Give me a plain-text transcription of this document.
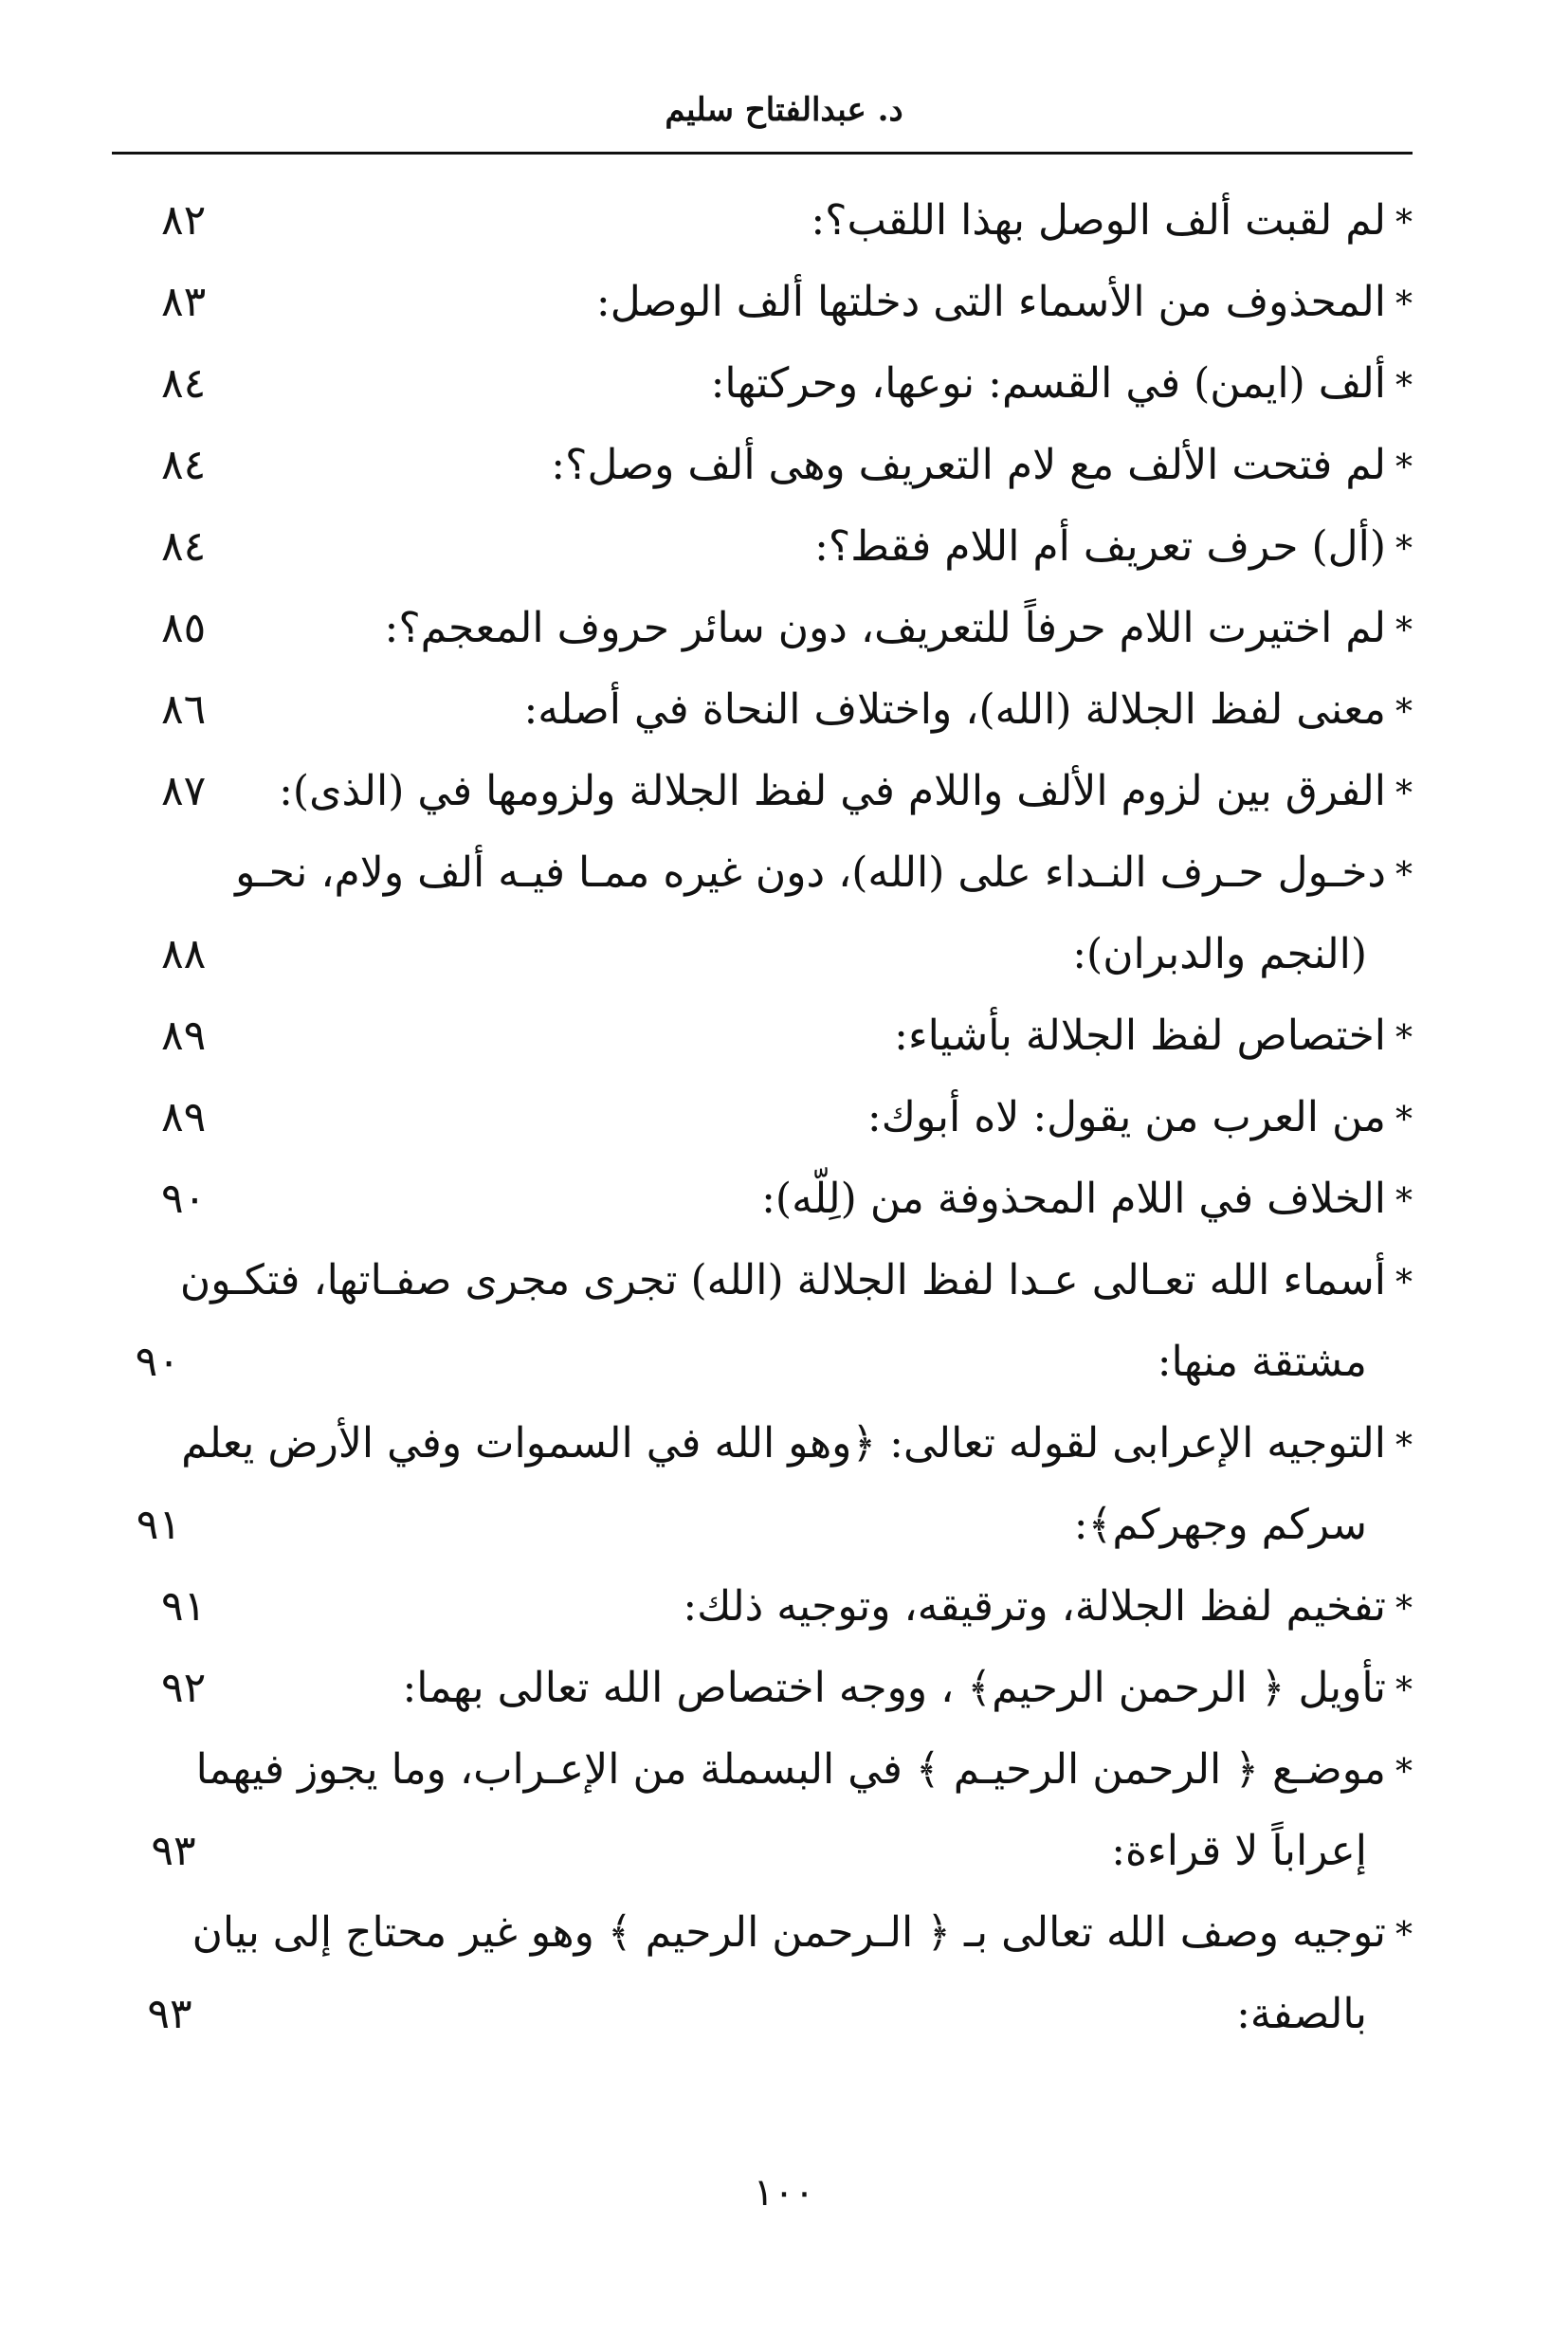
د. عبدالفتاح سليم
*لم لقبت ألف الوصل بهذا اللقب؟:
٨٢
*المحذوف من الأسماء التى دخلتها ألف الوصل:
٨٣
*ألف (ايمن) في القسم: نوعها، وحركتها:
٨٤
*لم فتحت الألف مع لام التعريف وهى ألف وصل؟:
٨٤
*(أل) حرف تعريف أم اللام فقط؟:
٨٤
*لم اختيرت اللام حرفاً للتعريف، دون سائر حروف المعجم؟:
٨٥
*معنى لفظ الجلالة (الله)، واختلاف النحاة في أصله:
٨٦
*الفرق بين لزوم الألف واللام في لفظ الجلالة ولزومها في (الذى):
٨٧
*دخـول حـرف النـداء على (الله)، دون غيره ممـا فيـه ألف ولام، نحـو
(النجم والدبران):
٨٨
*اختصاص لفظ الجلالة بأشياء:
٨٩
*من العرب من يقول: لاه أبوك:
٨٩
*الخلاف في اللام المحذوفة من (لِلّه):
٩٠
*أسماء الله تعـالى عـدا لفظ الجلالة (الله) تجرى مجرى صفـاتها، فتكـون
مشتقة منها:
٩٠
*التوجيه الإعرابى لقوله تعالى: ﴿وهو الله في السموات وفي الأرض يعلم
سركم وجهركم﴾:
٩١
*تفخيم لفظ الجلالة، وترقيقه، وتوجيه ذلك:
٩١
*تأويل ﴿ الرحمن الرحيم﴾ ، ووجه اختصاص الله تعالى بهما:
٩٢
*موضـع ﴿ الرحمن الرحيـم ﴾ في البسملة من الإعـراب، وما يجوز فيهما
إعراباً لا قراءة:
٩٣
*توجيه وصف الله تعالى بـ ﴿ الـرحمن الرحيم ﴾ وهو غير محتاج إلى بيان
بالصفة:
٩٣
١٠٠
